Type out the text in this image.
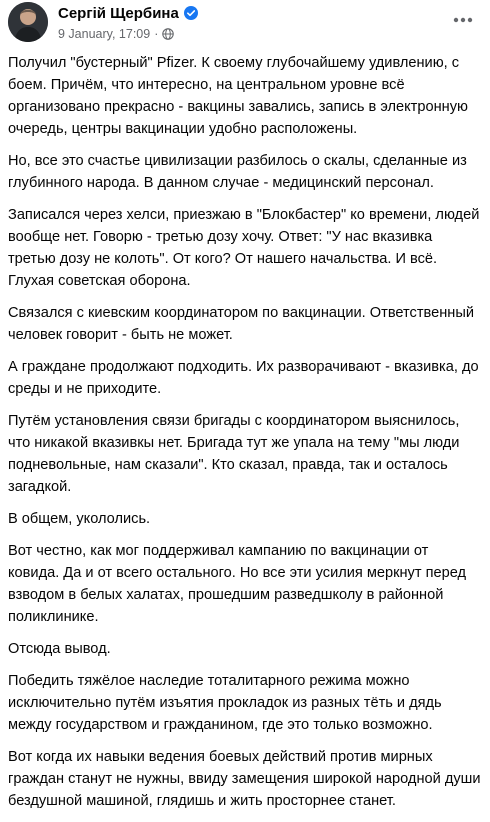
Сергій Щербина
9 January, 17:09 ·

Получил "бустерный" Pfizer. К своему глубочайшему удивлению, с боем. Причём, что интересно, на центральном уровне всё организовано прекрасно - вакцины завались, запись в электронную очередь, центры вакцинации удобно расположены.

Но, все это счастье цивилизации разбилось о скалы, сделанные из глубинного народа. В данном случае - медицинский персонал.

Записался через хелси, приезжаю в "Блокбастер" ко времени, людей вообще нет. Говорю - третью дозу хочу. Ответ: "У нас вказивка третью дозу не колоть". От кого? От нашего начальства. И всё. Глухая советская оборона.

Связался с киевским координатором по вакцинации. Ответственный человек говорит - быть не может.

А граждане продолжают подходить. Их разворачивают - вказивка, до среды и не приходите.

Путём установления связи бригады с координатором выяснилось, что никакой вказивкы нет. Бригада тут же упала на тему "мы люди подневольные, нам сказали". Кто сказал, правда, так и осталось загадкой.

В общем, укололись.

Вот честно, как мог поддерживал кампанию по вакцинации от ковида. Да и от всего остального. Но все эти усилия меркнут перед взводом в белых халатах, прошедшим разведшколу в районной поликлинике.

Отсюда вывод.

Победить тяжёлое наследие тоталитарного режима можно исключительно путём изъятия прокладок из разных тёть и дядь между государством и гражданином, где это только возможно.

Вот когда их навыки ведения боевых действий против мирных граждан станут не нужны, ввиду замещения широкой народной души бездушной машиной, глядишь и жить просторнее станет.
